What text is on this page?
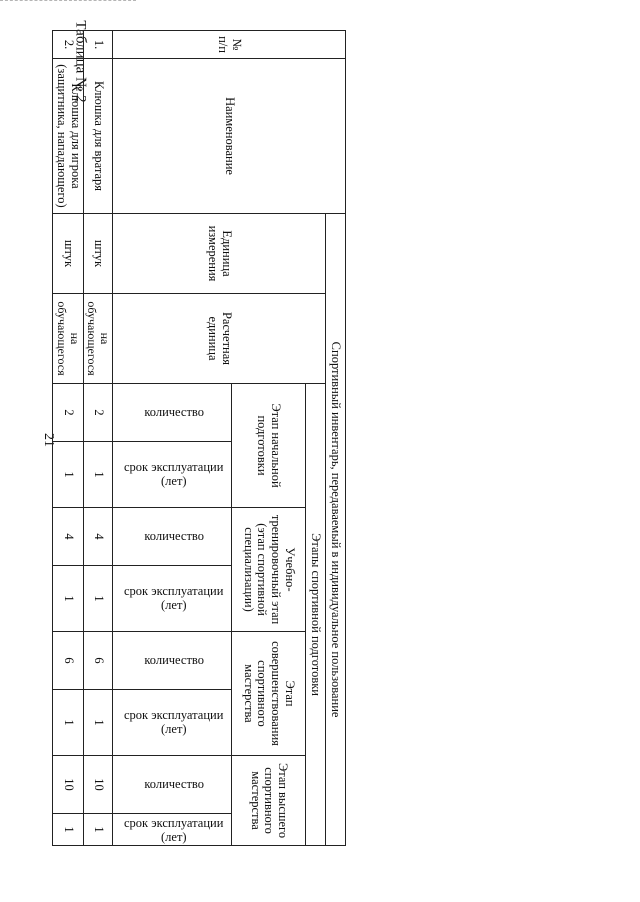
21
Таблица № 2	№ п/п	Наименование	Спортивный инвентарь, передаваемый в индивидуальное пользование									
		Единица измерения	Расчетная единица	Этапы спортивной подготовки							
				Этап начальной подготовки		Учебно-тренировочный этап (этап спортивной специализации)		Этап совершенствования спортивного мастерства		Этап высшего спортивного мастерства	
				количество	срок эксплуатации (лет)	количество	срок эксплуатации (лет)	количество	срок эксплуатации (лет)	количество	срок эксплуатации (лет)
1.	Клюшка для вратаря	штук	на обучающегося	2	1	4	1	6	1	10	1
2.	Клюшка для игрока (защитника, нападающего)	штук	на обучающегося	2	1	4	1	6	1	10	1
